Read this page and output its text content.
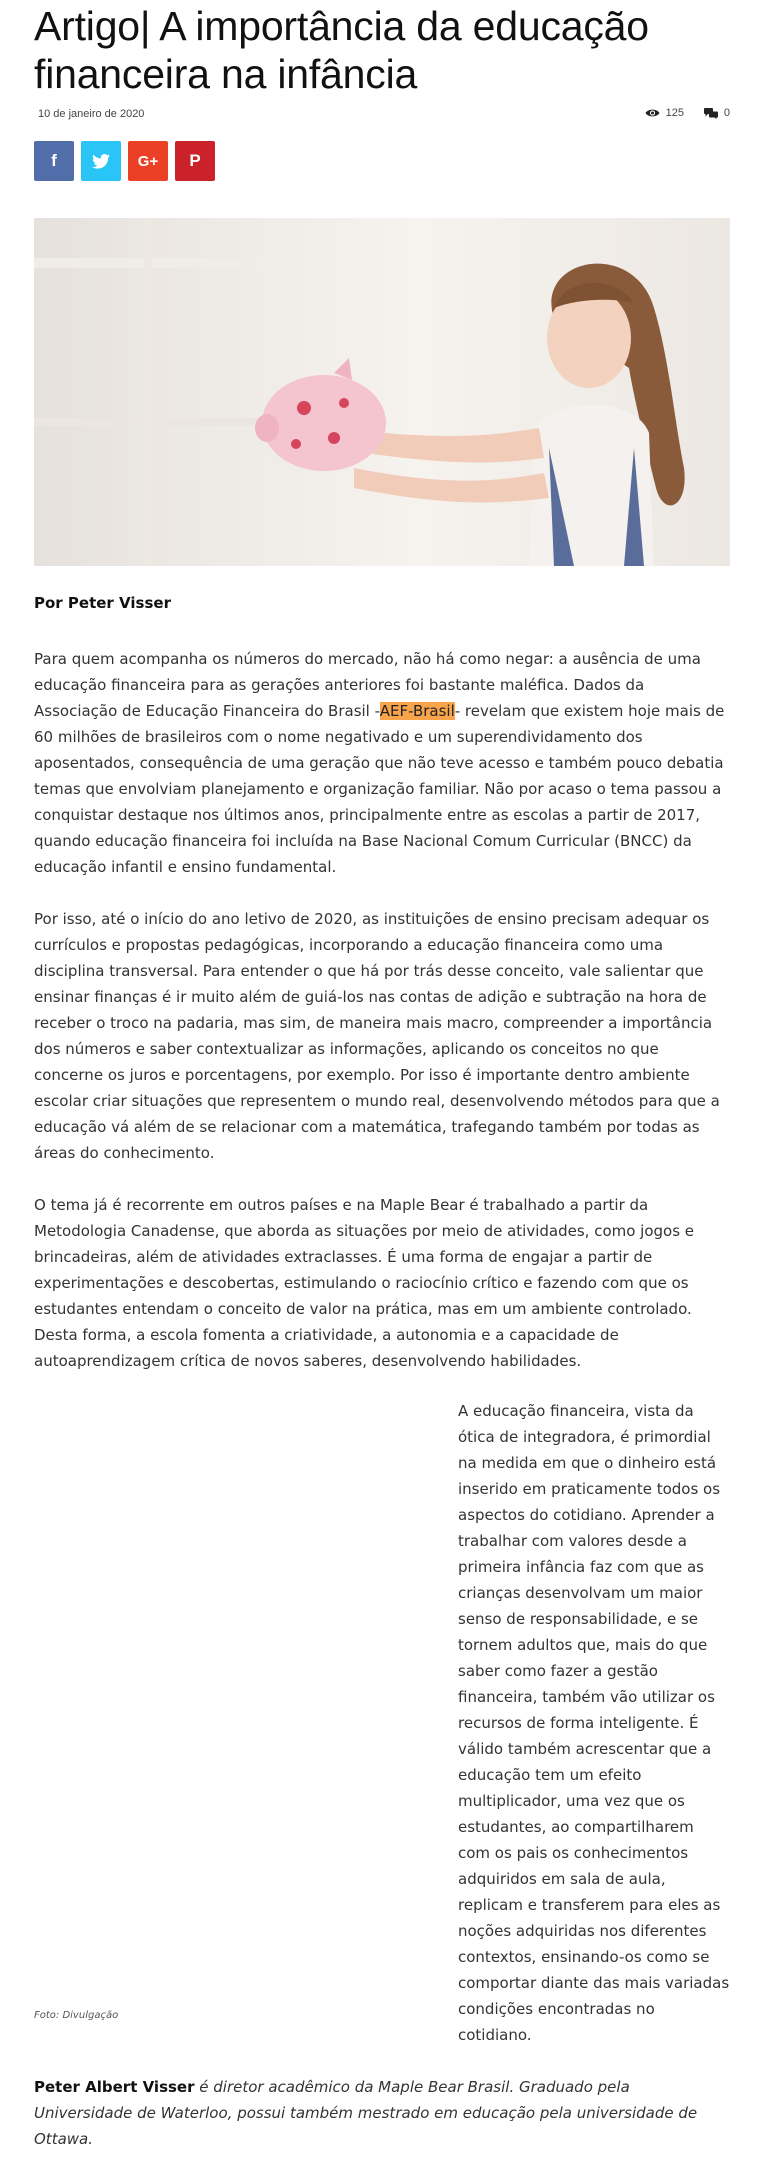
Artigo| A importância da educação financeira na infância
10 de janeiro de 2020	125	0
f	G+ P
Por Peter Visser

Para quem acompanha os números do mercado, não há como negar: a ausência de uma educação financeira para as gerações anteriores foi bastante maléfica. Dados da Associação de Educação Financeira do Brasil -AEF-Brasil- revelam que existem hoje mais de 60 milhões de brasileiros com o nome negativado e um superendividamento dos aposentados, consequência de uma geração que não teve acesso e também pouco debatia temas que envolviam planejamento e organização familiar. Não por acaso o tema passou a conquistar destaque nos últimos anos, principalmente entre as escolas a partir de 2017, quando educação financeira foi incluída na Base Nacional Comum Curricular (BNCC) da educação infantil e ensino fundamental.

Por isso, até o início do ano letivo de 2020, as instituições de ensino precisam adequar os currículos e propostas pedagógicas, incorporando a educação financeira como uma disciplina transversal. Para entender o que há por trás desse conceito, vale salientar que ensinar finanças é ir muito além de guiá-los nas contas de adição e subtração na hora de receber o troco na padaria, mas sim, de maneira mais macro, compreender a importância dos números e saber contextualizar as informações, aplicando os conceitos no que concerne os juros e porcentagens, por exemplo. Por isso é importante dentro ambiente escolar criar situações que representem o mundo real, desenvolvendo métodos para que a educação vá além de se relacionar com a matemática, trafegando também por todas as áreas do conhecimento.

O tema já é recorrente em outros países e na Maple Bear é trabalhado a partir da Metodologia Canadense, que aborda as situações por meio de atividades, como jogos e brincadeiras, além de atividades extraclasses. É uma forma de engajar a partir de experimentações e descobertas, estimulando o raciocínio crítico e fazendo com que os estudantes entendam o conceito de valor na prática, mas em um ambiente controlado. Desta forma, a escola fomenta a criatividade, a autonomia e a capacidade de autoaprendizagem crítica de novos saberes, desenvolvendo habilidades.

Foto: Divulgação

A educação financeira, vista da ótica de integradora, é primordial na medida em que o dinheiro está inserido em praticamente todos os aspectos do cotidiano. Aprender a trabalhar com valores desde a primeira infância faz com que as crianças desenvolvam um maior senso de responsabilidade, e se tornem adultos que, mais do que saber como fazer a gestão financeira, também vão utilizar os recursos de forma inteligente. É válido também acrescentar que a educação tem um efeito multiplicador, uma vez que os estudantes, ao compartilharem com os pais os conhecimentos adquiridos em sala de aula, replicam e transferem para eles as noções adquiridas nos diferentes contextos, ensinando-os como se comportar diante das mais variadas condições encontradas no cotidiano.

Peter Albert Visser é diretor acadêmico da Maple Bear Brasil. Graduado pela Universidade de Waterloo, possui também mestrado em educação pela universidade de Ottawa.
